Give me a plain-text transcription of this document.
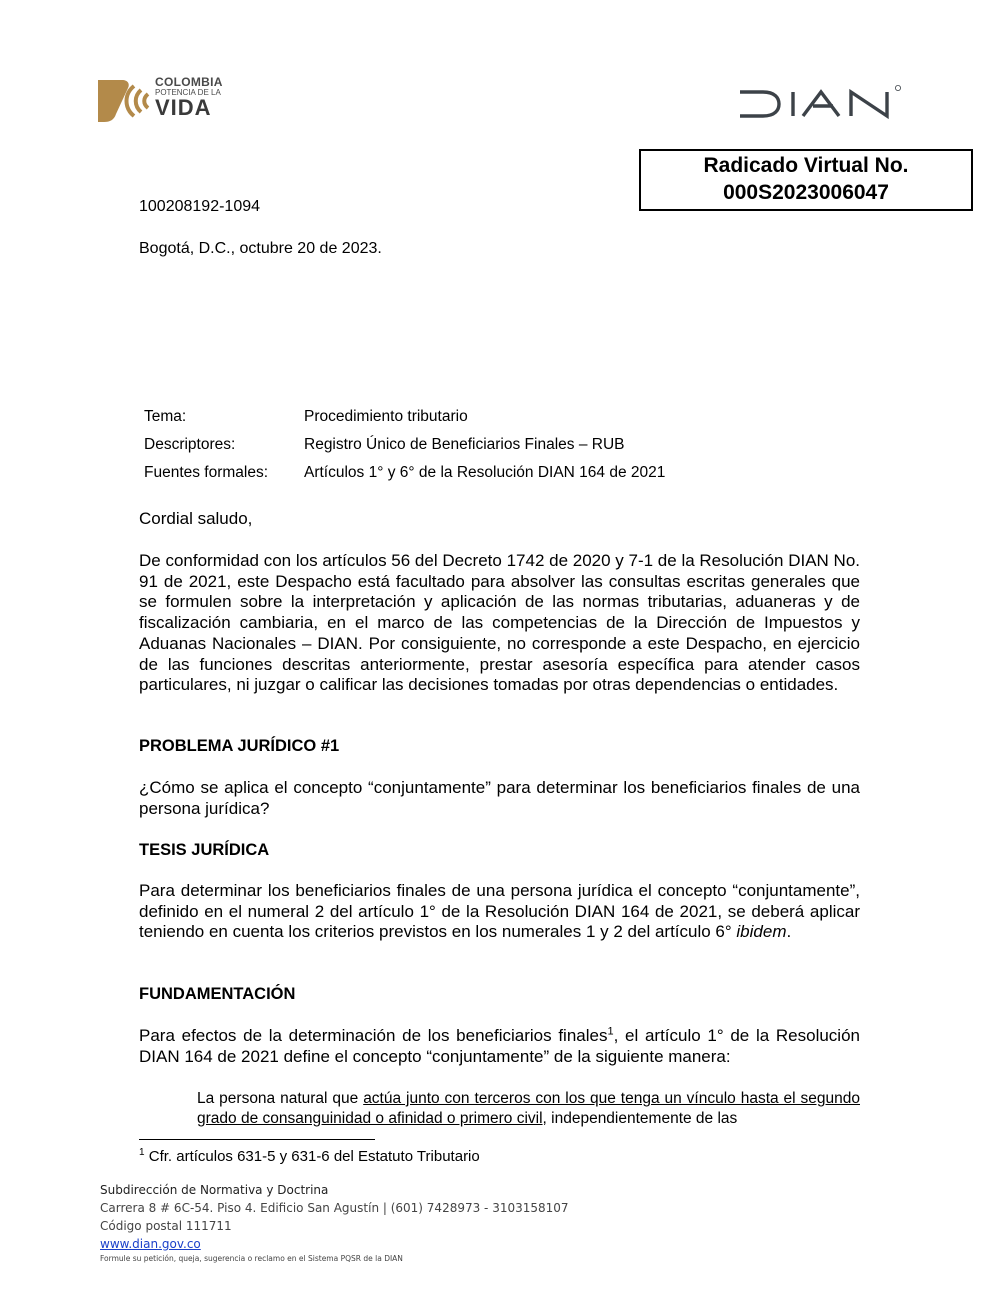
COLOMBIA
POTENCIA DE LA
VIDA
Radicado Virtual No.
000S2023006047
100208192-1094
Bogotá, D.C., octubre 20 de 2023.
Tema:	Procedimiento tributario
Descriptores:	Registro Único de Beneficiarios Finales – RUB
Fuentes formales: Artículos 1° y 6° de la Resolución DIAN 164 de 2021
Cordial saludo,
De conformidad con los artículos 56 del Decreto 1742 de 2020 y 7-1 de la Resolución DIAN No. 91 de 2021, este Despacho está facultado para absolver las consultas escritas generales que se formulen sobre la interpretación y aplicación de las normas tributarias, aduaneras y de fiscalización cambiaria, en el marco de las competencias de la Dirección de Impuestos y Aduanas Nacionales – DIAN. Por consiguiente, no corresponde a este Despacho, en ejercicio de las funciones descritas anteriormente, prestar asesoría específica para atender casos particulares, ni juzgar o calificar las decisiones tomadas por otras dependencias o entidades.
PROBLEMA JURÍDICO #1
¿Cómo se aplica el concepto “conjuntamente” para determinar los beneficiarios finales de una persona jurídica?
TESIS JURÍDICA
Para determinar los beneficiarios finales de una persona jurídica el concepto “conjuntamente”, definido en el numeral 2 del artículo 1° de la Resolución DIAN 164 de 2021, se deberá aplicar teniendo en cuenta los criterios previstos en los numerales 1 y 2 del artículo 6° ibidem.
FUNDAMENTACIÓN
Para efectos de la determinación de los beneficiarios finales$^1$, el artículo 1° de la Resolución DIAN 164 de 2021 define el concepto “conjuntamente” de la siguiente manera:
La persona natural que actúa junto con terceros con los que tenga un vínculo hasta el segundo grado de consanguinidad o afinidad o primero civil, independientemente de las
$^1$ Cfr. artículos 631-5 y 631-6 del Estatuto Tributario
Subdirección de Normativa y Doctrina
Carrera 8 # 6C-54. Piso 4. Edificio San Agustín | (601) 7428973 - 3103158107
Código postal 111711
www.dian.gov.co
Formule su petición, queja, sugerencia o reclamo en el Sistema PQSR de la DIAN
